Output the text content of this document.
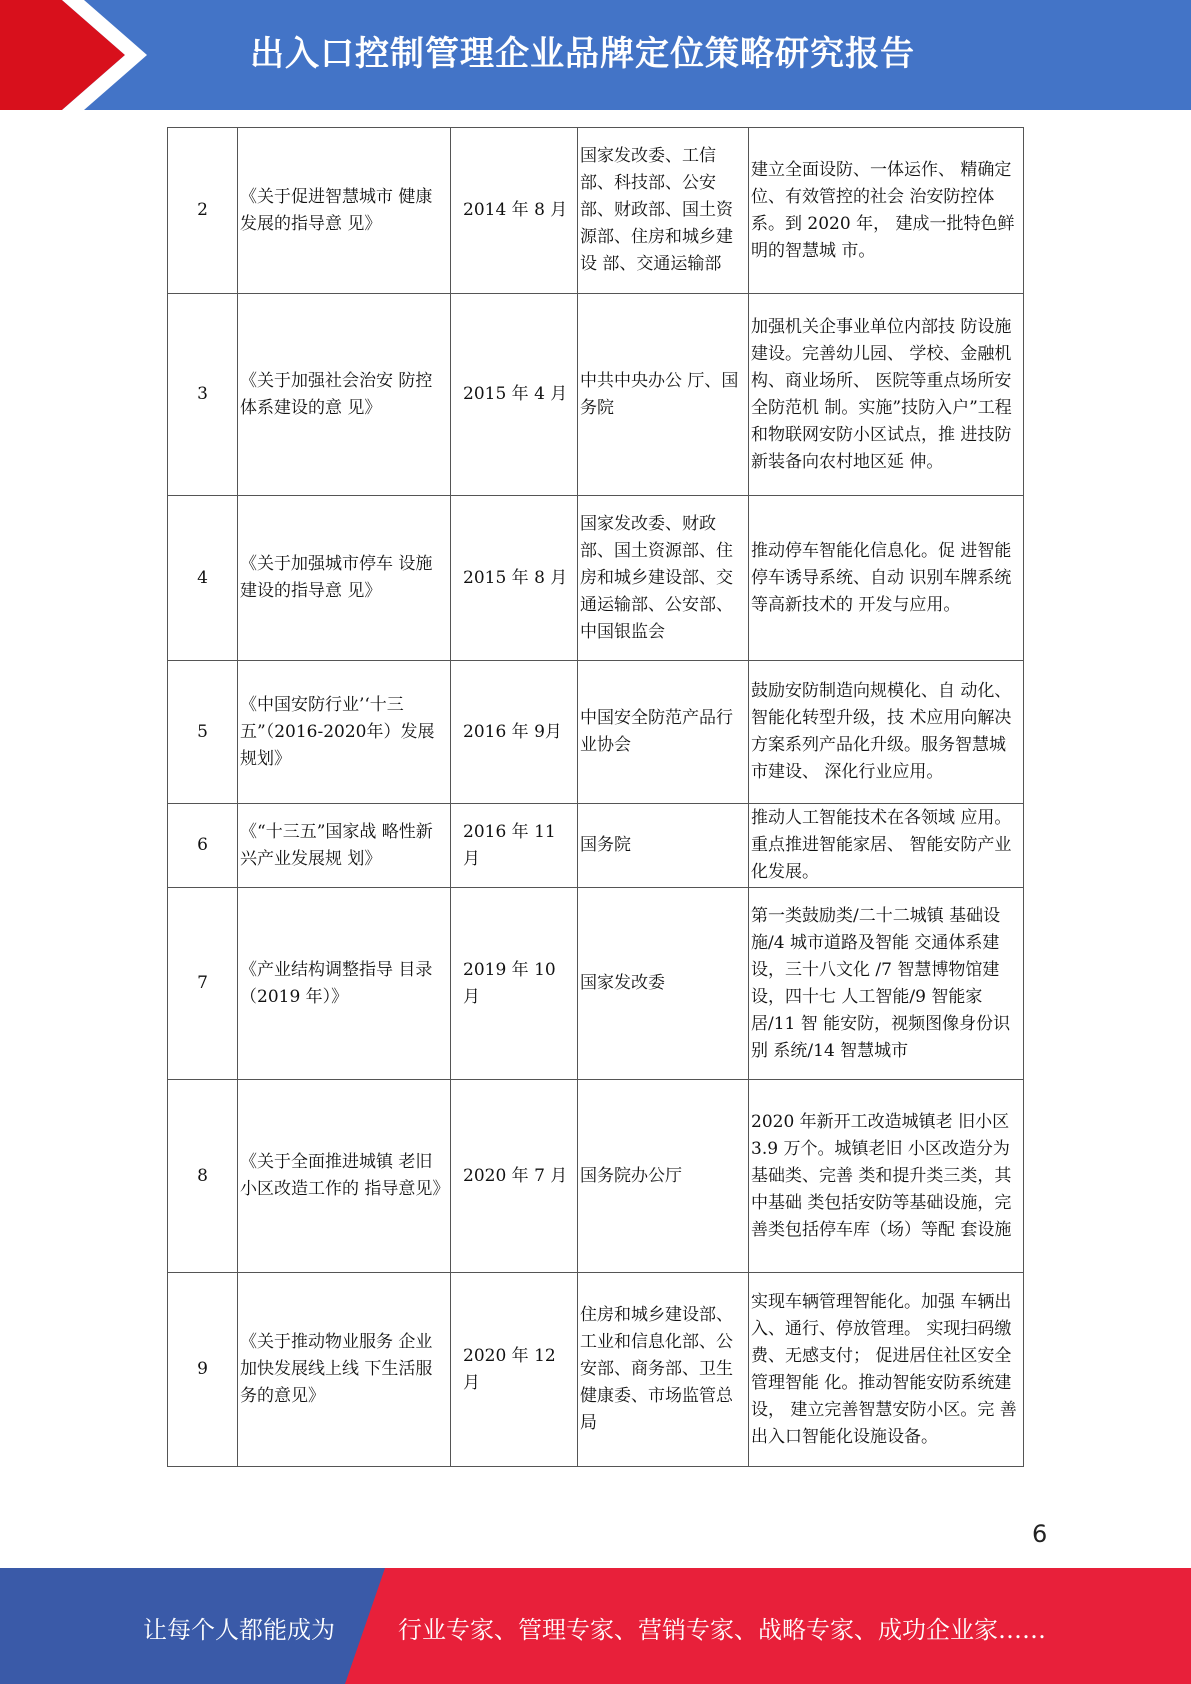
出入口控制管理企业品牌定位策略研究报告
2	《关于促进智慧城市 健康发展的指导意 见》	2014 年 8 月	国家发改委、工信部、科技部、公安部、财政部、国土资源部、住房和城乡建设 部、交通运输部	建立全面设防、一体运作、 精确定位、有效管控的社会 治安防控体系。到 2020 年， 建成一批特色鲜明的智慧城 市。
3	《关于加强社会治安 防控体系建设的意 见》	2015 年 4 月	中共中央办公 厅、国务院	加强机关企事业单位内部技 防设施建设。完善幼儿园、 学校、金融机构、商业场所、 医院等重点场所安全防范机 制。实施”技防入户”工程 和物联网安防小区试点，推 进技防新装备向农村地区延 伸。
4	《关于加强城市停车 设施建设的指导意 见》	2015 年 8 月	国家发改委、财政部、国土资源部、住房和城乡建设部、交通运输部、公安部、中国银监会	推动停车智能化信息化。促 进智能停车诱导系统、自动 识别车牌系统等高新技术的 开发与应用。
5	《中国安防行业’‘十三五”（2016-2020年）发展规划》	2016 年 9月	中国安全防范产品行业协会	鼓励安防制造向规模化、自 动化、智能化转型升级，技 术应用向解决方案系列产品化升级。服务智慧城市建设、 深化行业应用。
6	《“十三五”国家战 略性新兴产业发展规 划》	2016 年 11 月	国务院	推动人工智能技术在各领域 应用。重点推进智能家居、 智能安防产业化发展。
7	《产业结构调整指导 目录（2019 年）》	2019 年 10 月	国家发改委	第一类鼓励类/二十二城镇 基础设施/4 城市道路及智能 交通体系建设，三十八文化 /7 智慧博物馆建设，四十七 人工智能/9 智能家居/11 智 能安防，视频图像身份识别 系统/14 智慧城市
8	《关于全面推进城镇 老旧小区改造工作的 指导意见》	2020 年 7 月	国务院办公厅	2020 年新开工改造城镇老 旧小区 3.9 万个。城镇老旧 小区改造分为基础类、完善 类和提升类三类，其中基础 类包括安防等基础设施，完 善类包括停车库（场）等配 套设施
9	《关于推动物业服务 企业加快发展线上线 下生活服务的意见》	2020 年 12 月	住房和城乡建设部、工业和信息化部、公安部、商务部、卫生健康委、市场监管总局	实现车辆管理智能化。加强 车辆出入、通行、停放管理。 实现扫码缴费、无感支付； 促进居住社区安全管理智能 化。推动智能安防系统建设， 建立完善智慧安防小区。完 善出入口智能化设施设备。
6
让每个人都能成为	行业专家、管理专家、营销专家、战略专家、成功企业家……
